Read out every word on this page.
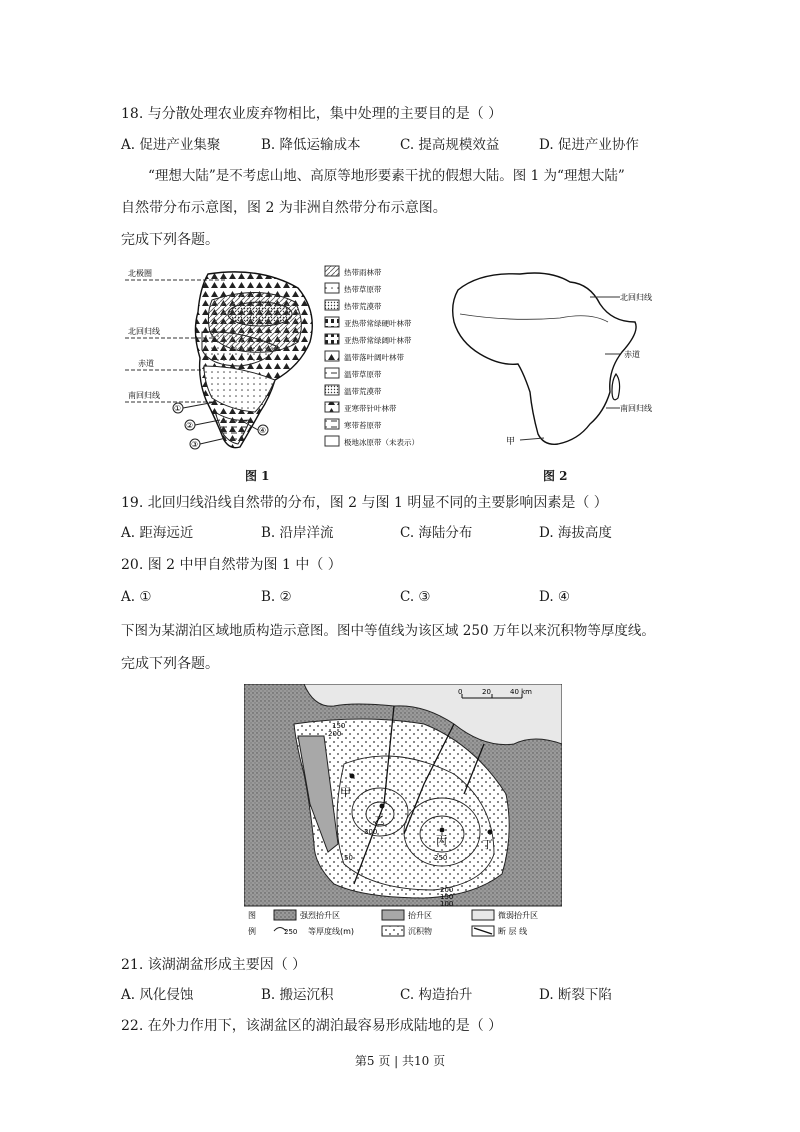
18. 与分散处理农业废弃物相比，集中处理的主要目的是（ ）
A. 促进产业集聚	B. 降低运输成本	C. 提高规模效益	D. 促进产业协作
“理想大陆”是不考虑山地、高原等地形要素干扰的假想大陆。图 1 为“理想大陆”
自然带分布示意图，图 2 为非洲自然带分布示意图。
完成下列各题。
北极圈
北回归线
赤道
南回归线
①
②
③
④
热带雨林带
热带草原带
热带荒漠带
亚热带常绿硬叶林带
亚热带常绿阔叶林带
温带落叶阔叶林带
温带草原带
温带荒漠带
亚寒带针叶林带
寒带苔原带
极地冰原带（未表示）
图 1
北回归线
赤道
南回归线
甲
图 2
19. 北回归线沿线自然带的分布，图 2 与图 1 明显不同的主要影响因素是（ ）
A. 距海远近	B. 沿岸洋流	C. 海陆分布	D. 海拔高度
20. 图 2 中甲自然带为图 1 中（ ）
A. ①	B. ②	C. ③	D. ④
下图为某湖泊区域地质构造示意图。图中等值线为该区域 250 万年以来沉积物等厚度线。
完成下列各题。
0	20	40 km
甲
乙
丙	丁
150
200
250
300
200
150
100
50
图
例
强烈抬升区	抬升区	微弱抬升区
250 等厚度线(m)	沉积物	断 层 线
21. 该湖湖盆形成主要因（ ）
A. 风化侵蚀	B. 搬运沉积	C. 构造抬升	D. 断裂下陷
22. 在外力作用下，该湖盆区的湖泊最容易形成陆地的是（ ）
第5 页 | 共10 页
